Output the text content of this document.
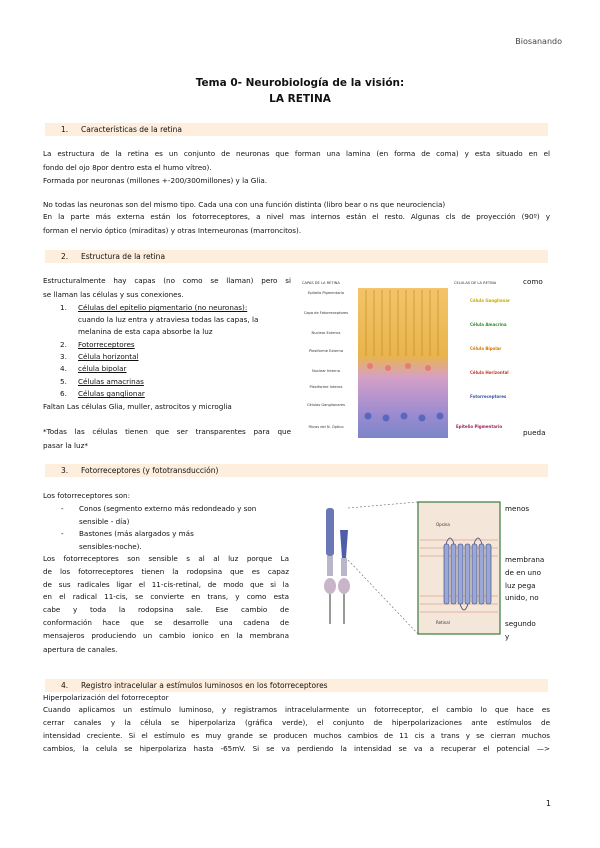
Biosanando
Tema 0- Neurobiología de la visión:
LA RETINA
1. Características de la retina
La estructura de la retina es un conjunto de neuronas que forman una lamina (en forma de coma) y esta situado en el
fondo del ojo 8por dentro esta el humo vítreo).
Formada por neuronas (millones +-200/300millones) y la Glia.
No todas las neuronas son del mismo tipo. Cada una con una función distinta (libro bear o ns que neurociencia)
En la parte más externa están los fotorreceptores, a nivel mas internos están el resto. Algunas cls de proyección (90º) y
forman el nervio óptico (miraditas) y otras Interneuronas (marroncitos).
2. Estructura de la retina
Estructuralmente hay capas (no como se llaman) pero si	como
se llaman las células y sus conexiones.
1. Células del epitelio pigmentario (no neuronas):
cuando la luz entra y atraviesa todas las capas, la
melanina de esta capa absorbe la luz
2. Fotorreceptores
3. Célula horizontal
4. célula bipolar
5. Células amacrinas
6. Células ganglionar
Faltan Las células Glia, muller, astrocitos y microglia
*Todas las células tienen que ser transparentes para que	pueda
pasar la luz*
CAPAS DE LA RETINA	CELULAS DE LA RETINA
Epitelio Pigmentario
Capa de Fotorreceptores
Nuclear Externa
Plexiforme Externa
Nuclear Interna
Plexiforme Interna
Células Ganglionares
Fibras del N. Óptico
Célula Ganglionar
Célula Amacrina
Célula Bipolar
Célula Horizontal
Fotorreceptores
Epitelio Pigmentario
3. Fotorreceptores (y fototransducción)
Los fotorreceptores son:
- Conos (segmento externo más redondeado y son
sensible - día)
- Bastones (más alargados y más
sensibles-noche).
Los fotorreceptores son sensible s al al luz porque La
de los fotorreceptores tienen la rodopsina que es capaz
de sus radicales ligar el 11-cis-retinal, de modo que si la
en el radical 11-cis, se convierte en trans, y como esta
cabe y toda la rodopsina sale. Ese cambio de
conformación hace que se desarrolle una cadena de
mensajeros produciendo un cambio ionico en la membrana
apertura de canales.
menos
membrana
de en uno
luz pega
unido, no
segundo
y
Opsina
Retinal
4. Registro intracelular a estímulos luminosos en los fotorreceptores
Hiperpolarización del fotorreceptor
Cuando aplicamos un estímulo luminoso, y registramos intracelularmente un fotorreceptor, el cambio lo que hace es
cerrar canales y la célula se hiperpolariza (gráfica verde), el conjunto de hiperpolarizaciones ante estímulos de
intensidad creciente. Si el estímulo es muy grande se producen muchos cambios de 11 cis a trans y se cierran muchos
cambios, la celula se hiperpolariza hasta -65mV. Si se va perdiendo la intensidad se va a recuperar el potencial —>
1
